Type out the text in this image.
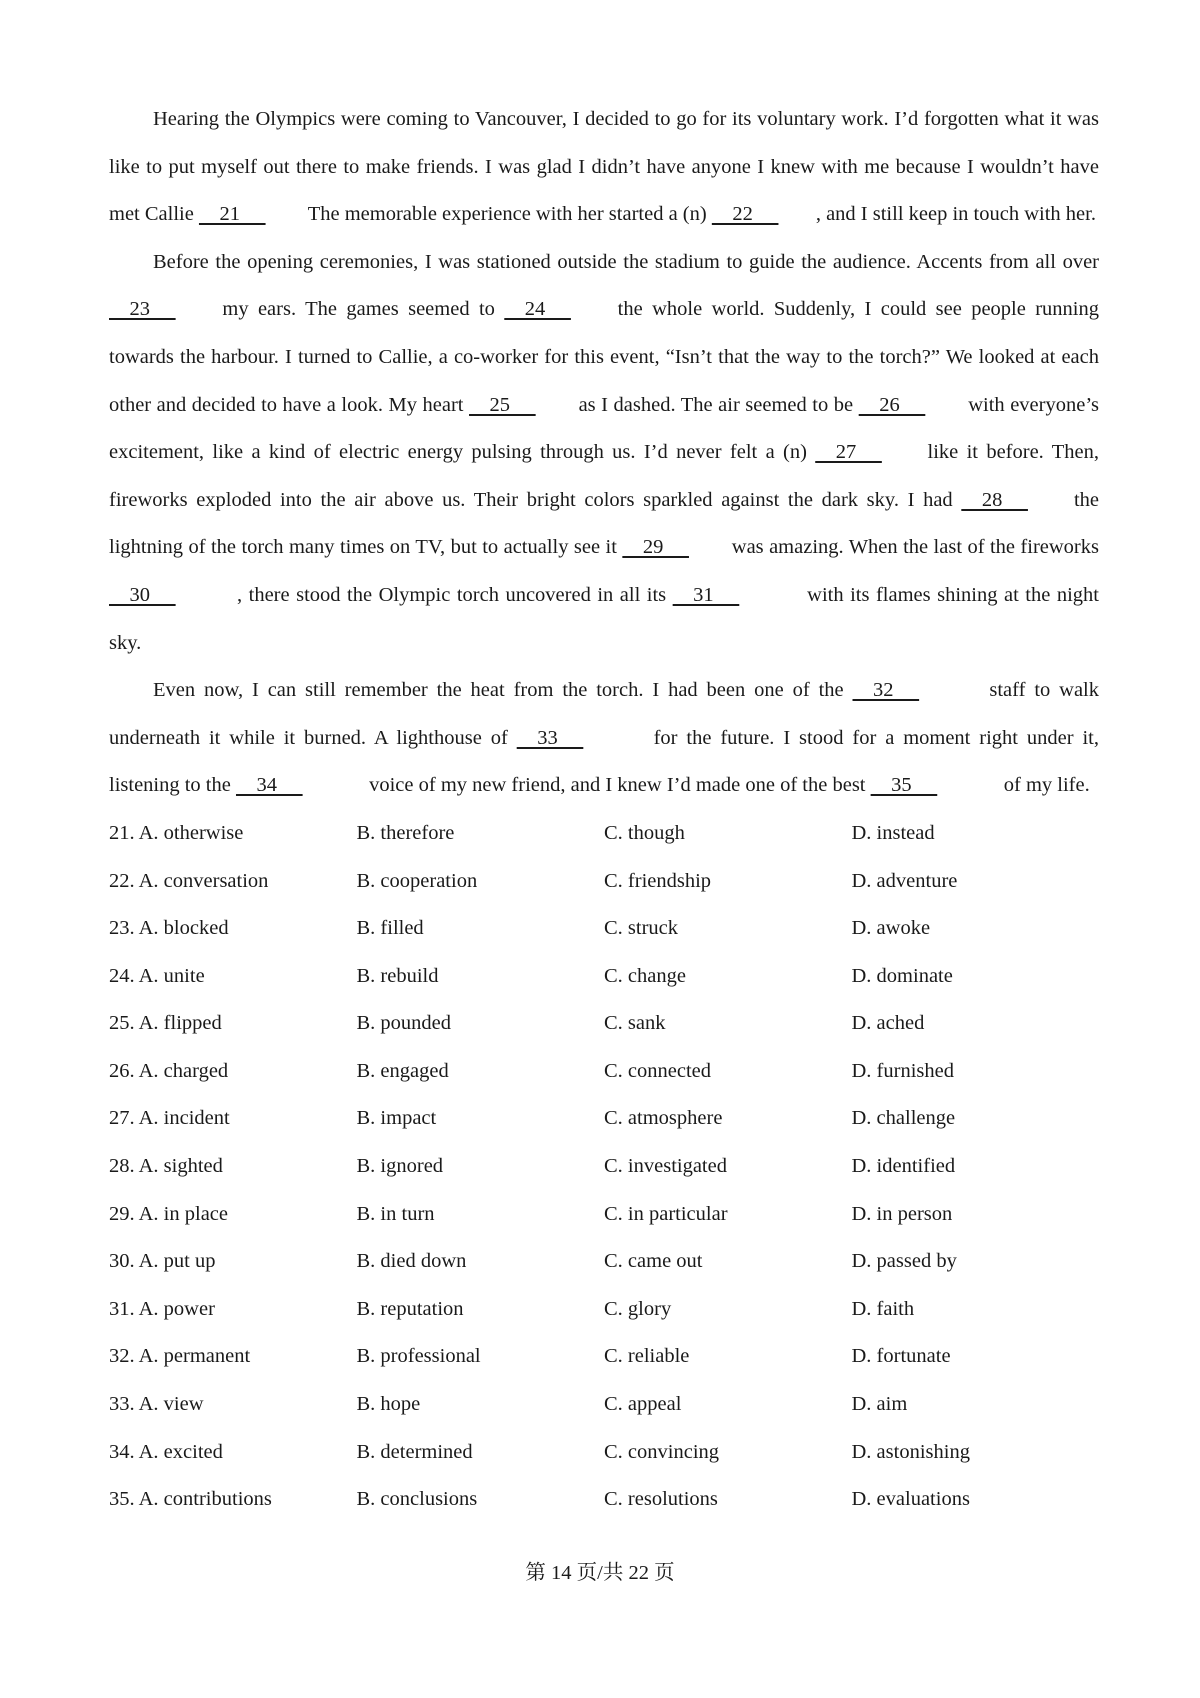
Hearing the Olympics were coming to Vancouver, I decided to go for its voluntary work. I’d forgotten what it was like to put myself out there to make friends. I was glad I didn’t have anyone I knew with me because I wouldn’t have met Callie     21      The memorable experience with her started a (n)     22     , and I still keep in touch with her.

Before the opening ceremonies, I was stationed outside the stadium to guide the audience. Accents from all over     23      my ears. The games seemed to     24      the whole world. Suddenly, I could see people running towards the harbour. I turned to Callie, a co-worker for this event, “Isn’t that the way to the torch?” We looked at each other and decided to have a look. My heart     25      as I dashed. The air seemed to be     26      with everyone’s excitement, like a kind of electric energy pulsing through us. I’d never felt a (n)     27      like it before. Then, fireworks exploded into the air above us. Their bright colors sparkled against the dark sky. I had     28      the lightning of the torch many times on TV, but to actually see it     29      was amazing. When the last of the fireworks     30	, there stood the Olympic torch uncovered in all its     31	with its flames shining at the night sky.

Even now, I can still remember the heat from the torch. I had been one of the     32	staff to walk underneath it while it burned. A lighthouse of     33	for the future. I stood for a moment right under it, listening to the     34	voice of my new friend, and I knew I’d made one of the best     35	of my life.

21. A. otherwise	B. therefore	C. though	D. instead
22. A. conversation	B. cooperation	C. friendship	D. adventure
23. A. blocked	B. filled	C. struck	D. awoke
24. A. unite	B. rebuild	C. change	D. dominate
25. A. flipped	B. pounded	C. sank	D. ached
26. A. charged	B. engaged	C. connected	D. furnished
27. A. incident	B. impact	C. atmosphere	D. challenge
28. A. sighted	B. ignored	C. investigated	D. identified
29. A. in place	B. in turn	C. in particular	D. in person
30. A. put up	B. died down	C. came out	D. passed by
31. A. power	B. reputation	C. glory	D. faith
32. A. permanent	B. professional	C. reliable	D. fortunate
33. A. view	B. hope	C. appeal	D. aim
34. A. excited	B. determined	C. convincing	D. astonishing
35. A. contributions	B. conclusions	C. resolutions	D. evaluations
第 14 页/共 22 页
